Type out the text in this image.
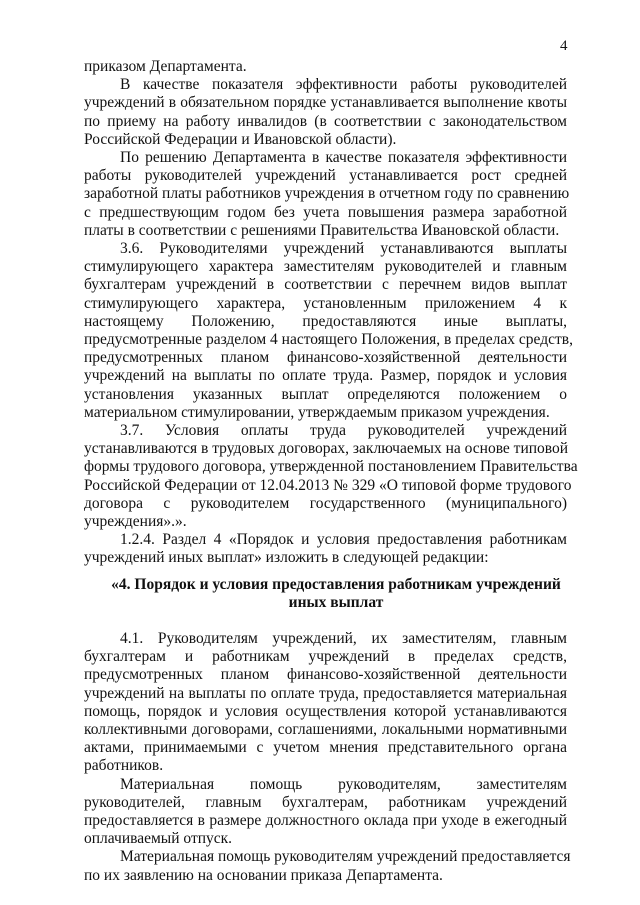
4
приказом Департамента.
В качестве показателя эффективности работы руководителей
учреждений в обязательном порядке устанавливается выполнение квоты
по приему на работу инвалидов (в соответствии с законодательством
Российской Федерации и Ивановской области).
По решению Департамента в качестве показателя эффективности
работы руководителей учреждений устанавливается рост средней
заработной платы работников учреждения в отчетном году по сравнению
с предшествующим годом без учета повышения размера заработной
платы в соответствии с решениями Правительства Ивановской области.
3.6. Руководителями учреждений устанавливаются выплаты
стимулирующего характера заместителям руководителей и главным
бухгалтерам учреждений в соответствии с перечнем видов выплат
стимулирующего характера, установленным приложением 4 к
настоящему Положению, предоставляются иные выплаты,
предусмотренные разделом 4 настоящего Положения, в пределах средств,
предусмотренных планом финансово-хозяйственной деятельности
учреждений на выплаты по оплате труда. Размер, порядок и условия
установления указанных выплат определяются положением о
материальном стимулировании, утверждаемым приказом учреждения.
3.7. Условия оплаты труда руководителей учреждений
устанавливаются в трудовых договорах, заключаемых на основе типовой
формы трудового договора, утвержденной постановлением Правительства
Российской Федерации от 12.04.2013 № 329 «О типовой форме трудового
договора с руководителем государственного (муниципального)
учреждения».».
1.2.4. Раздел 4 «Порядок и условия предоставления работникам
учреждений иных выплат» изложить в следующей редакции:
«4. Порядок и условия предоставления работникам учреждений
иных выплат
4.1. Руководителям учреждений, их заместителям, главным
бухгалтерам и работникам учреждений в пределах средств,
предусмотренных планом финансово-хозяйственной деятельности
учреждений на выплаты по оплате труда, предоставляется материальная
помощь, порядок и условия осуществления которой устанавливаются
коллективными договорами, соглашениями, локальными нормативными
актами, принимаемыми с учетом мнения представительного органа
работников.
Материальная помощь руководителям, заместителям
руководителей, главным бухгалтерам, работникам учреждений
предоставляется в размере должностного оклада при уходе в ежегодный
оплачиваемый отпуск.
Материальная помощь руководителям учреждений предоставляется
по их заявлению на основании приказа Департамента.
